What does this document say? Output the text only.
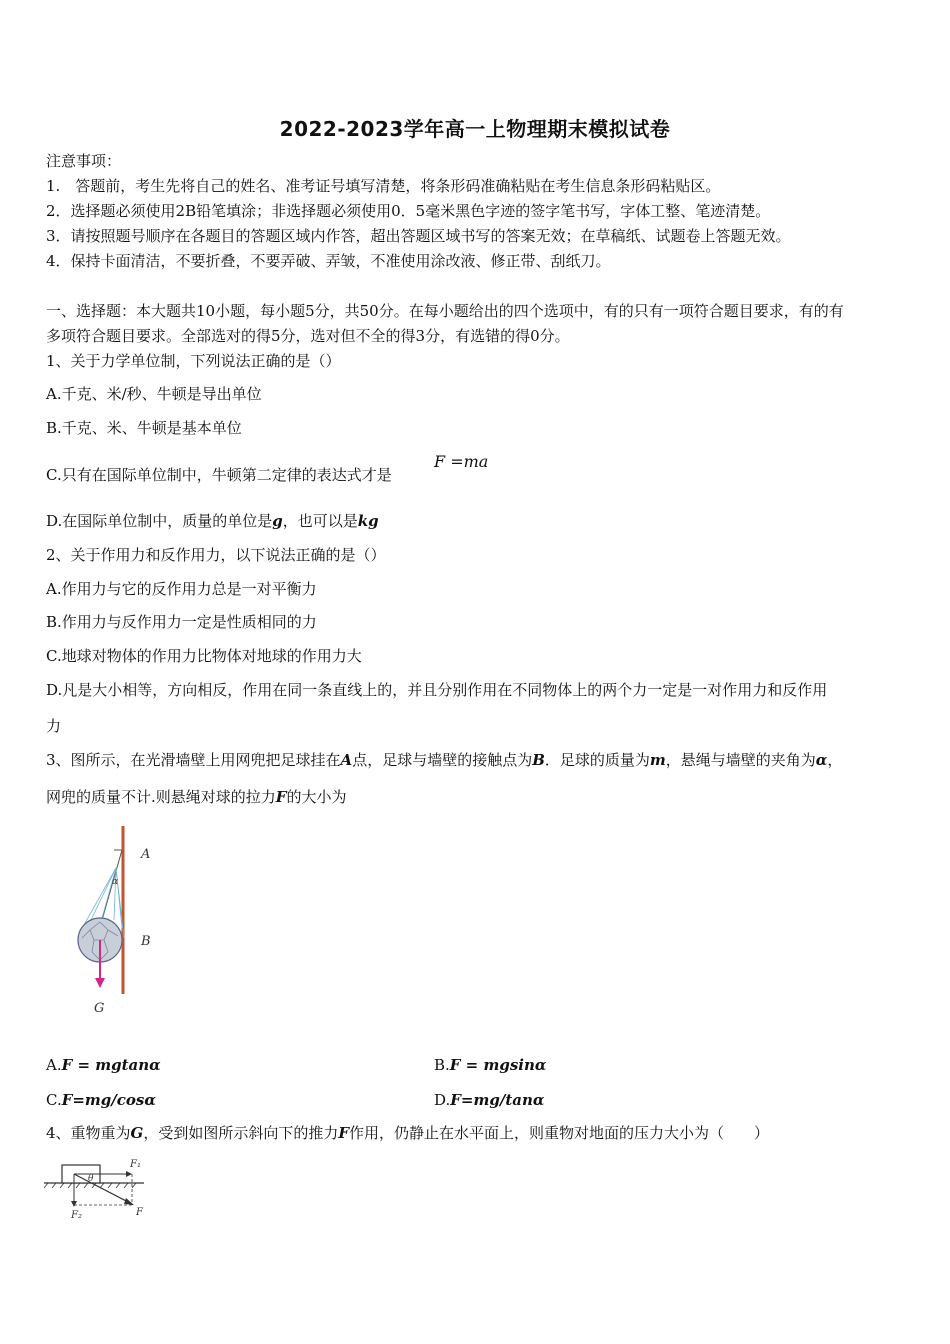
2022-2023学年高一上物理期末模拟试卷
注意事项：
1.　答题前，考生先将自己的姓名、准考证号填写清楚，将条形码准确粘贴在考生信息条形码粘贴区。
2．选择题必须使用2B铅笔填涂；非选择题必须使用0．5毫米黑色字迹的签字笔书写，字体工整、笔迹清楚。
3．请按照题号顺序在各题目的答题区域内作答，超出答题区域书写的答案无效；在草稿纸、试题卷上答题无效。
4．保持卡面清洁，不要折叠，不要弄破、弄皱，不准使用涂改液、修正带、刮纸刀。
一、选择题：本大题共10小题，每小题5分，共50分。在每小题给出的四个选项中，有的只有一项符合题目要求，有的有
多项符合题目要求。全部选对的得5分，选对但不全的得3分，有选错的得0分。
1、关于力学单位制，下列说法正确的是（）
A.千克、米/秒、牛顿是导出单位
B.千克、米、牛顿是基本单位
C.只有在国际单位制中，牛顿第二定律的表达式才是
F =ma
D.在国际单位制中，质量的单位是g，也可以是kg
2、关于作用力和反作用力，以下说法正确的是（）
A.作用力与它的反作用力总是一对平衡力
B.作用力与反作用力一定是性质相同的力
C.地球对物体的作用力比物体对地球的作用力大
D.凡是大小相等，方向相反，作用在同一条直线上的，并且分别作用在不同物体上的两个力一定是一对作用力和反作用
力
3、图所示，在光滑墙壁上用网兜把足球挂在A点，足球与墙壁的接触点为B．足球的质量为m，悬绳与墙壁的夹角为α，
网兜的质量不计.则悬绳对球的拉力F的大小为
A
B
G
α
A.F = mgtanα	B.F = mgsinα
C.F=mg/cosα	D.F=mg/tanα
4、重物重为G，受到如图所示斜向下的推力F作用，仍静止在水平面上，则重物对地面的压力大小为（　　）
F₁
F₂	F
θ
